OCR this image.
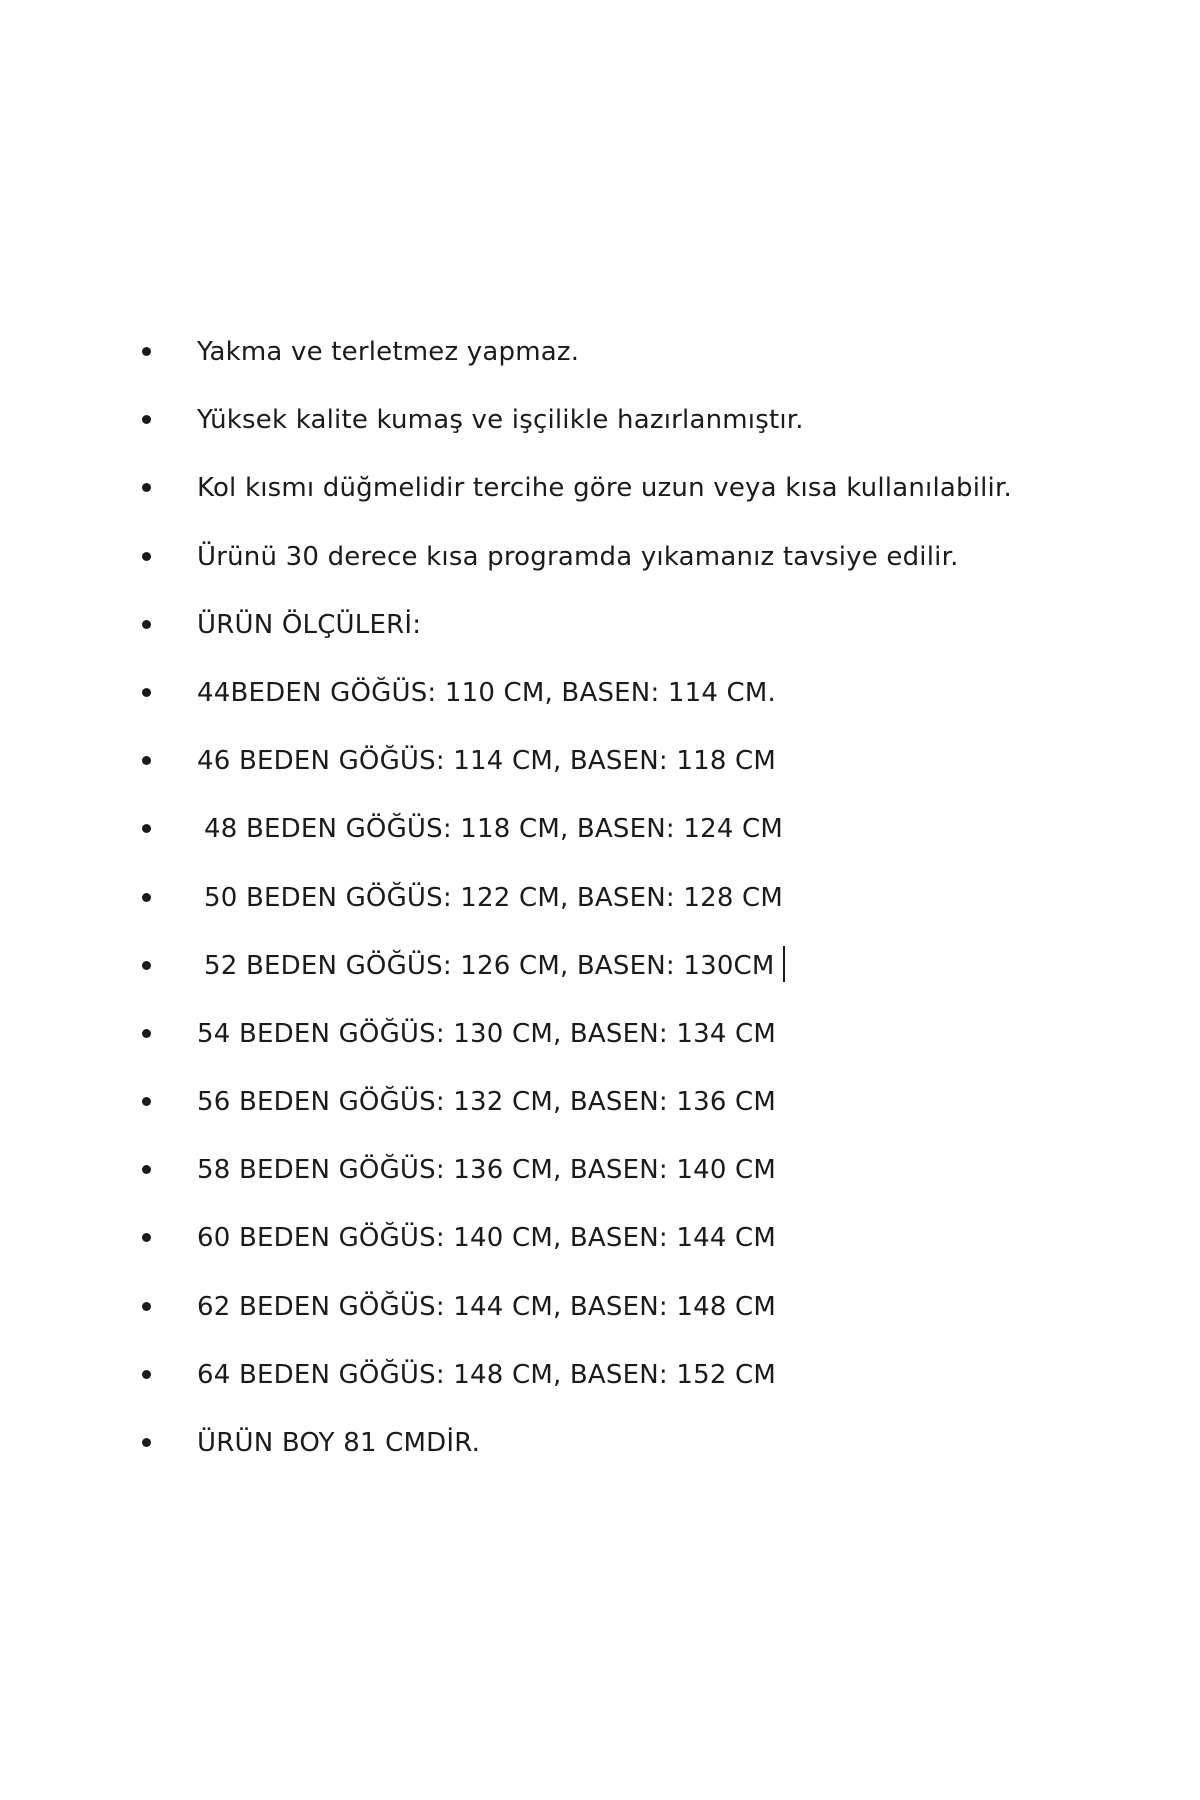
Yakma ve terletmez yapmaz.
Yüksek kalite kumaş ve işçilikle hazırlanmıştır.
Kol kısmı düğmelidir tercihe göre uzun veya kısa kullanılabilir.
Ürünü 30 derece kısa programda yıkamanız tavsiye edilir.
ÜRÜN ÖLÇÜLERİ:
44BEDEN GÖĞÜS: 110 CM, BASEN: 114 CM.
46 BEDEN GÖĞÜS: 114 CM, BASEN: 118 CM
48 BEDEN GÖĞÜS: 118 CM, BASEN: 124 CM
50 BEDEN GÖĞÜS: 122 CM, BASEN: 128 CM
52 BEDEN GÖĞÜS: 126 CM, BASEN: 130CM
54 BEDEN GÖĞÜS: 130 CM, BASEN: 134 CM
56 BEDEN GÖĞÜS: 132 CM, BASEN: 136 CM
58 BEDEN GÖĞÜS: 136 CM, BASEN: 140 CM
60 BEDEN GÖĞÜS: 140 CM, BASEN: 144 CM
62 BEDEN GÖĞÜS: 144 CM, BASEN: 148 CM
64 BEDEN GÖĞÜS: 148 CM, BASEN: 152 CM
ÜRÜN BOY 81 CMDİR.
